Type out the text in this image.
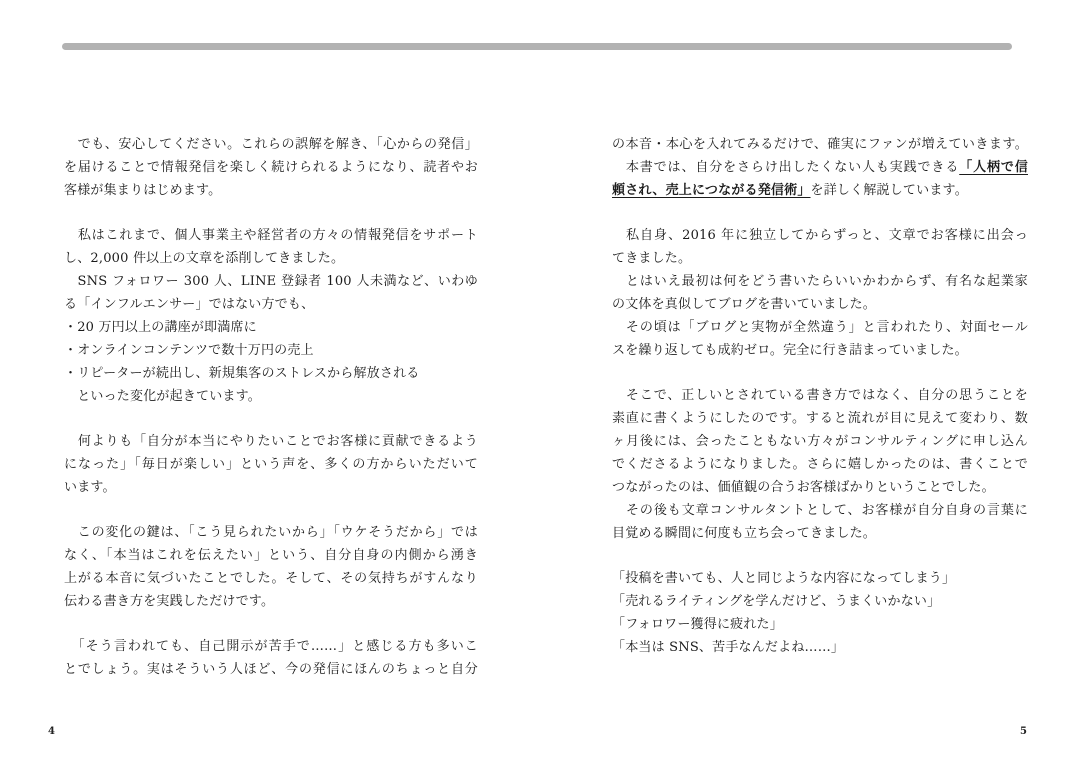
　でも、安心してください。これらの誤解を解き、「心からの発信」
を届けることで情報発信を楽しく続けられるようになり、読者やお
客様が集まりはじめます。
　私はこれまで、個人事業主や経営者の方々の情報発信をサポート
し、2,000 件以上の文章を添削してきました。
　SNS フォロワー 300 人、LINE 登録者 100 人未満など、いわゆ
る「インフルエンサー」ではない方でも、
・20 万円以上の講座が即満席に
・オンラインコンテンツで数十万円の売上
・リピーターが続出し、新規集客のストレスから解放される
　といった変化が起きています。
　何よりも「自分が本当にやりたいことでお客様に貢献できるよう
になった」「毎日が楽しい」という声を、多くの方からいただいて
います。
　この変化の鍵は、「こう見られたいから」「ウケそうだから」では
なく、「本当はこれを伝えたい」という、自分自身の内側から湧き
上がる本音に気づいたことでした。そして、その気持ちがすんなり
伝わる書き方を実践しただけです。
　「そう言われても、自己開示が苦手で……」と感じる方も多いこ
とでしょう。実はそういう人ほど、今の発信にほんのちょっと自分
の本音・本心を入れてみるだけで、確実にファンが増えていきます。
　本書では、自分をさらけ出したくない人も実践できる「人柄で信
頼され、売上につながる発信術」を詳しく解説しています。
　私自身、2016 年に独立してからずっと、文章でお客様に出会っ
てきました。
　とはいえ最初は何をどう書いたらいいかわからず、有名な起業家
の文体を真似してブログを書いていました。
　その頃は「ブログと実物が全然違う」と言われたり、対面セール
スを繰り返しても成約ゼロ。完全に行き詰まっていました。
　そこで、正しいとされている書き方ではなく、自分の思うことを
素直に書くようにしたのです。すると流れが目に見えて変わり、数
ヶ月後には、会ったこともない方々がコンサルティングに申し込ん
でくださるようになりました。さらに嬉しかったのは、書くことで
つながったのは、価値観の合うお客様ばかりということでした。
　その後も文章コンサルタントとして、お客様が自分自身の言葉に
目覚める瞬間に何度も立ち会ってきました。
「投稿を書いても、人と同じような内容になってしまう」
「売れるライティングを学んだけど、うまくいかない」
「フォロワー獲得に疲れた」
「本当は SNS、苦手なんだよね……」
4	5
